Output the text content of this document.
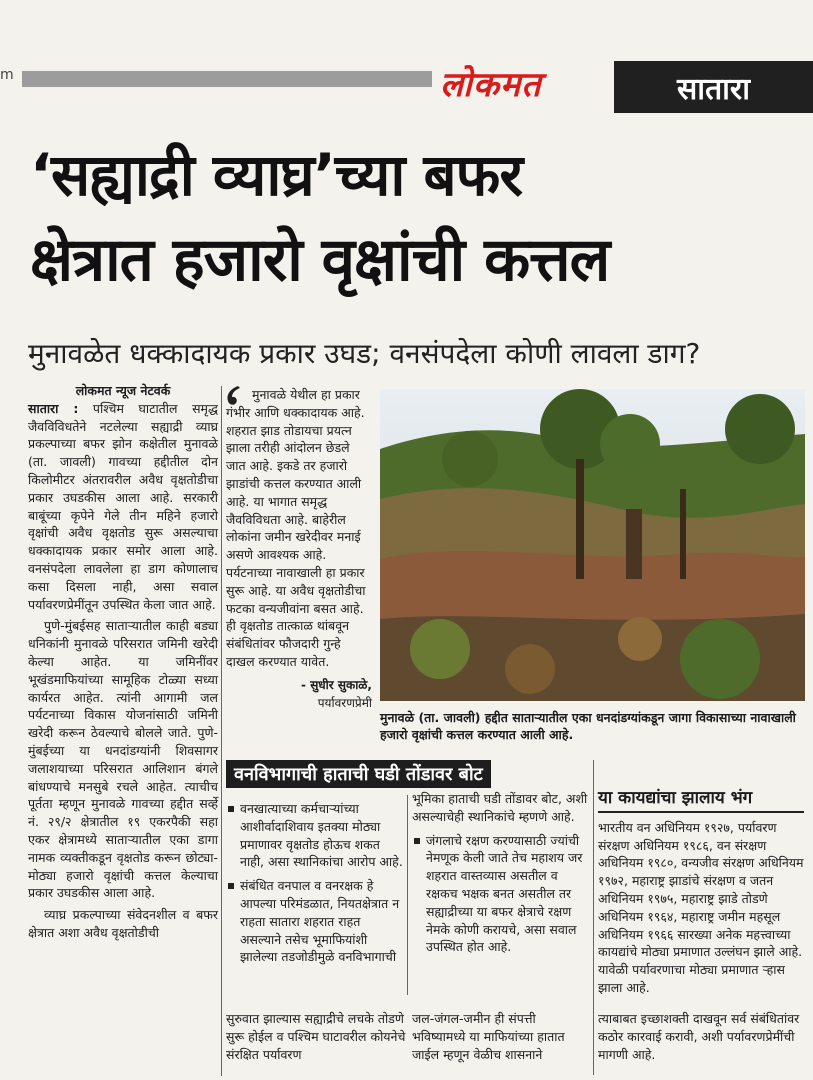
m	लोकमत	सातारा
‘सह्याद्री व्याघ्र’च्या बफर
क्षेत्रात हजारो वृक्षांची कत्तल
मुनावळेत धक्कादायक प्रकार उघड; वनसंपदेला कोणी लावला डाग?
लोकमत न्यूज नेटवर्क

सातारा : पश्चिम घाटातील समृद्ध जैवविविधतेने नटलेल्या सह्याद्री व्याघ्र प्रकल्पाच्या बफर झोन कक्षेतील मुनावळे (ता. जावली) गावच्या हद्दीतील दोन किलोमीटर अंतरावरील अवैध वृक्षतोडीचा प्रकार उघडकीस आला आहे. सरकारी बाबूंच्या कृपेने गेले तीन महिने हजारो वृक्षांची अवैध वृक्षतोड सुरू असल्याचा धक्कादायक प्रकार समोर आला आहे. वनसंपदेला लावलेला हा डाग कोणालाच कसा दिसला नाही, असा सवाल पर्यावरणप्रेमींतून उपस्थित केला जात आहे.

पुणे-मुंबईसह साताऱ्यातील काही बड्या धनिकांनी मुनावळे परिसरात जमिनी खरेदी केल्या आहेत. या जमिनींवर भूखंडमाफियांच्या सामूहिक टोळ्या सध्या कार्यरत आहेत. त्यांनी आगामी जल पर्यटनाच्या विकास योजनांसाठी जमिनी खरेदी करून ठेवल्याचे बोलले जाते. पुणे-मुंबईच्या या धनदांडग्यांनी शिवसागर जलाशयाच्या परिसरात आलिशान बंगले बांधण्याचे मनसुबे रचले आहेत. त्याचीच पूर्तता म्हणून मुनावळे गावच्या हद्दीत सर्व्हे नं. २९/२ क्षेत्रातील १९ एकरपैकी सहा एकर क्षेत्रामध्ये साताऱ्यातील एका डागा नामक व्यक्तीकडून वृक्षतोड करून छोट्या-मोठ्या हजारो वृक्षांची कत्तल केल्याचा प्रकार उघडकीस आला आहे.

व्याघ्र प्रकल्पाच्या संवेदनशील व बफर क्षेत्रात अशा अवैध वृक्षतोडीची

मुनावळे येथील हा प्रकार गंभीर आणि धक्कादायक आहे. शहरात झाड तोडायचा प्रयत्न झाला तरीही आंदोलन छेडले जात आहे. इकडे तर हजारो झाडांची कत्तल करण्यात आली आहे. या भागात समृद्ध जैवविविधता आहे. बाहेरील लोकांना जमीन खरेदीवर मनाई असणे आवश्यक आहे. पर्यटनाच्या नावाखाली हा प्रकार सुरू आहे. या अवैध वृक्षतोडीचा फटका वन्यजीवांना बसत आहे. ही वृक्षतोड तात्काळ थांबवून संबंधितांवर फौजदारी गुन्हे दाखल करण्यात यावेत.
- सुधीर सुकाळे,
पर्यावरणप्रेमी
मुनावळे (ता. जावली) हद्दीत साताऱ्यातील एका धनदांडग्यांकडून जागा विकासाच्या नावाखाली हजारो वृक्षांची कत्तल करण्यात आली आहे.
वनविभागाची हाताची घडी तोंडावर बोट
वनखात्याच्या कर्मचाऱ्यांच्या आशीर्वादाशिवाय इतक्या मोठ्या प्रमाणावर वृक्षतोड होऊच शकत नाही, असा स्थानिकांचा आरोप आहे.
संबंधित वनपाल व वनरक्षक हे आपल्या परिमंडळात, नियतक्षेत्रात न राहता सातारा शहरात राहत असल्याने तसेच भूमाफियांशी झालेल्या तडजोडीमुळे वनविभागाची
भूमिका हाताची घडी तोंडावर बोट, अशी असल्याचेही स्थानिकांचे म्हणणे आहे.
जंगलाचे रक्षण करण्यासाठी ज्यांची नेमणूक केली जाते तेच महाशय जर शहरात वास्तव्यास असतील व रक्षकच भक्षक बनत असतील तर सह्याद्रीच्या या बफर क्षेत्राचे रक्षण नेमके कोणी करायचे, असा सवाल उपस्थित होत आहे.
या कायद्यांचा झालाय भंग
भारतीय वन अधिनियम १९२७, पर्यावरण संरक्षण अधिनियम १९८६, वन संरक्षण अधिनियम १९८०, वन्यजीव संरक्षण अधिनियम १९७२, महाराष्ट्र झाडांचे संरक्षण व जतन अधिनियम १९७५, महाराष्ट्र झाडे तोडणे अधिनियम १९६४, महाराष्ट्र जमीन महसूल अधिनियम १९६६ सारख्या अनेक महत्त्वाच्या कायद्यांचे मोठ्या प्रमाणात उल्लंघन झाले आहे. यावेळी पर्यावरणाचा मोठ्या प्रमाणात ऱ्हास झाला आहे.
सुरुवात झाल्यास सह्याद्रीचे लचके तोडणे सुरू होईल व पश्चिम घाटावरील कोयनेचे संरक्षित पर्यावरण
जल-जंगल-जमीन ही संपत्ती भविष्यामध्ये या माफियांच्या हातात जाईल म्हणून वेळीच शासनाने
त्याबाबत इच्छाशक्ती दाखवून सर्व संबंधितांवर कठोर कारवाई करावी, अशी पर्यावरणप्रेमींची मागणी आहे.
